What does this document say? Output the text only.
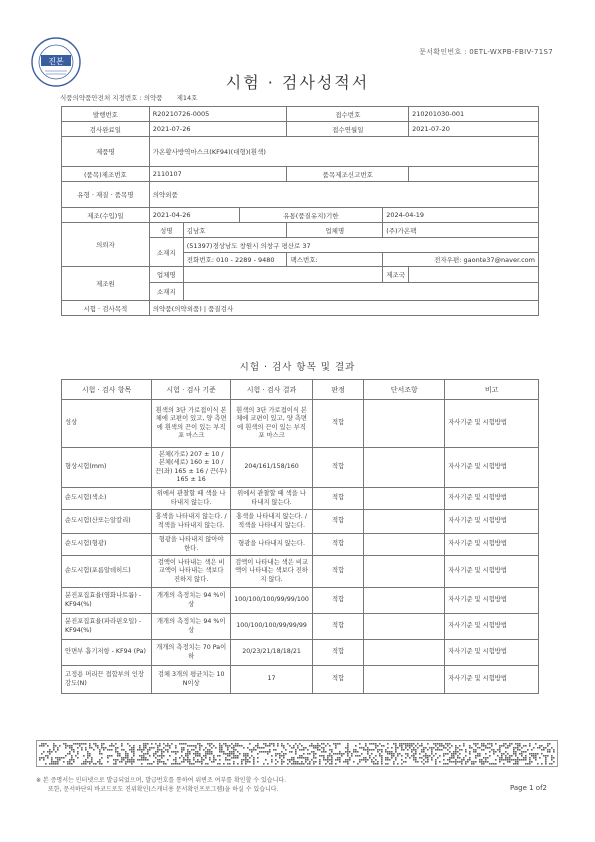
문서확인번호 : 0ETL-WXPB-FBIV-71S7
진본
시험 · 검사성적서
식품의약품안전처 지정번호 : 의약품 제14호
발행번호	R20210726-0005			접수번호		210201030-001
검사완료일	2021-07-26			접수연월일		2021-07-20
제품명	가온황사방역마스크(KF94)(대형)(흰색)					
(품목)제조번호	2110107			품목제조신고번호		
유형 · 재질 · 품목명	의약외품					
제조(수입)일	2021-04-26		유통(품질유지)기한		2024-04-19	
의뢰자	성명	김남호		업체명	(주)가온팩	
	소재지	(51397)경상남도 창원시 의창구 평산로 37				
		전화번호: 010 - 2289 - 9480		팩스번호:	전자우편: gaonte37@naver.com	
제조원	업체명				제조국	
	소재지					
시험 · 검사목적	의약품(의약외품) | 품질검사					
시험 · 검사 항목 및 결과
시험 · 검사 항목	시험 · 검사 기준	시험 · 검사 결과	판정	단서조항	비고
성상	흰색의 3단 가로접이식 본체에 코편이 있고, 양 측면에 흰색의 끈이 있는 부직포 마스크	흰색의 3단 가로접이식 본체에 코편이 있고, 양 측면에 흰색의 끈이 있는 부직포 마스크	적합		자사기준 및 시험방법
형상시험(mm)	본체(가로) 207 ± 10 / 본체(세로) 160 ± 10 / 끈(좌) 165 ± 16 / 끈(우) 165 ± 16	204/161/158/160	적합		자사기준 및 시험방법
순도시험(색소)	위에서 관찰할 때 색을 나타내지 않는다.	위에서 관찰할 때 색을 나타내지 않는다.	적합		자사기준 및 시험방법
순도시험(산또는알칼리)	홍색을 나타내지 않는다. / 적색을 나타내지 않는다.	홍색을 나타내지 않는다. / 적색을 나타내지 않는다.	적합		자사기준 및 시험방법
순도시험(형광)	형광을 나타내지 않아야 한다.	형광을 나타내지 않는다.	적합		자사기준 및 시험방법
순도시험(포름알데히드)	검액이 나타내는 색은 비교액이 나타내는 색보다 진하지 않다.	검액이 나타내는 색은 비교액이 나타내는 색보다 진하지 않다.	적합		자사기준 및 시험방법
분진포집효율(염화나트륨) - KF94(%)	개개의 측정치는 94 %이상	100/100/100/99/99/100	적합		자사기준 및 시험방법
분진포집효율(파라핀오일) - KF94(%)	개개의 측정치는 94 %이상	100/100/100/99/99/99	적합		자사기준 및 시험방법
안면부 흡기저항 - KF94 (Pa)	개개의 측정치는 70 Pa이하	20/23/21/18/18/21	적합		자사기준 및 시험방법
고정용 머리끈 접합부의 인장강도(N)	검체 3개의 평균치는 10 N이상	17	적합		자사기준 및 시험방법
※ 본 증명서는 인터넷으로 발급되었으며, 발급번호를 통하여 위변조 여부를 확인할 수 있습니다.
또한, 문서하단의 바코드로도 진위확인(스캐너용 문서확인프로그램)을 하실 수 있습니다.	Page 1 of2
